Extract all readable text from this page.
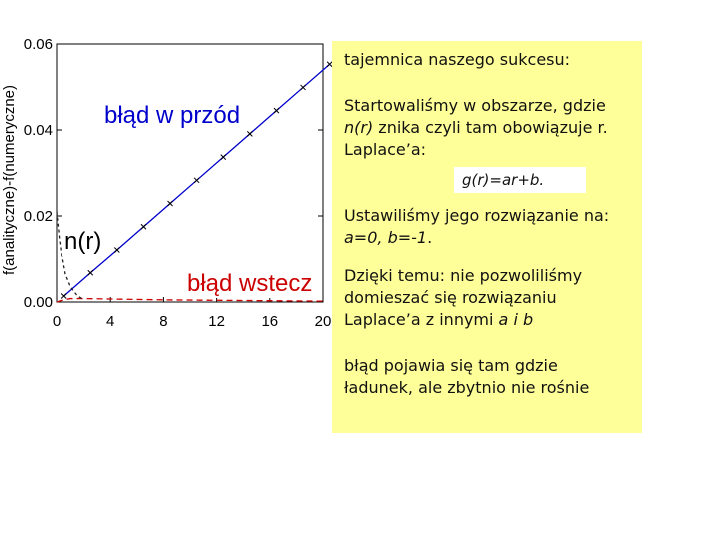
0	4	8	12 16 20
0.00
0.02
0.04
0.06
f(analityczne)-f(numeryczne)	błąd w przód
n(r)
błąd wstecz

tajemnica naszego sukcesu:

Startowaliśmy w obszarze, gdzie n(r) znika czyli tam obowiązuje r. Laplace’a:

g(r)=ar+b.

Ustawiliśmy jego rozwiązanie na: a=0, b=-1.

Dzięki temu: nie pozwoliliśmy domieszać się rozwiązaniu Laplace’a z innymi a i b

błąd pojawia się tam gdzie ładunek, ale zbytnio nie rośnie
